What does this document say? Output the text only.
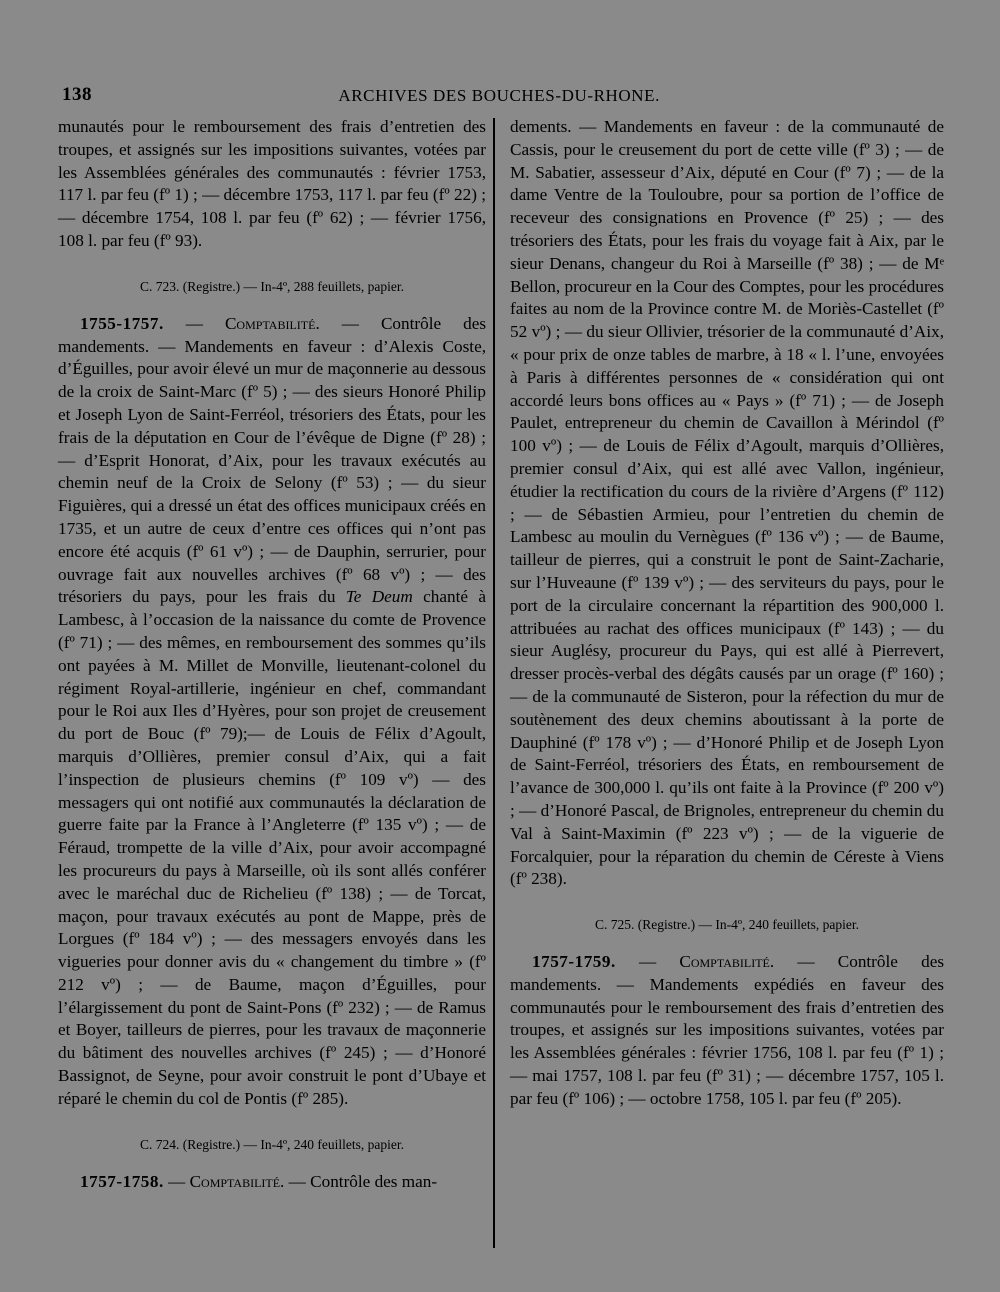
138	ARCHIVES DES BOUCHES-DU-RHONE.

munautés pour le remboursement des frais d’entretien des troupes, et assignés sur les impositions suivantes, votées par les Assemblées générales des communautés : février 1753, 117 l. par feu (fº 1) ; — décembre 1753, 117 l. par feu (fº 22) ; — décembre 1754, 108 l. par feu (fº 62) ; — février 1756, 108 l. par feu (fº 93).

C. 723. (Registre.) — In-4º, 288 feuillets, papier.

1755-1757. — Comptabilité. — Contrôle des mandements. — Mandements en faveur : d’Alexis Coste, d’Éguilles, pour avoir élevé un mur de maçonnerie au dessous de la croix de Saint-Marc (fº 5) ; — des sieurs Honoré Philip et Joseph Lyon de Saint-Ferréol, trésoriers des États, pour les frais de la députation en Cour de l’évêque de Digne (fº 28) ; — d’Esprit Honorat, d’Aix, pour les travaux exécutés au chemin neuf de la Croix de Selony (fº 53) ; — du sieur Figuières, qui a dressé un état des offices municipaux créés en 1735, et un autre de ceux d’entre ces offices qui n’ont pas encore été acquis (fº 61 vº) ; — de Dauphin, serrurier, pour ouvrage fait aux nouvelles archives (fº 68 vº) ; — des trésoriers du pays, pour les frais du Te Deum chanté à Lambesc, à l’occasion de la naissance du comte de Provence (fº 71) ; — des mêmes, en remboursement des sommes qu’ils ont payées à M. Millet de Monville, lieutenant-colonel du régiment Royal-artillerie, ingénieur en chef, commandant pour le Roi aux Iles d’Hyères, pour son projet de creusement du port de Bouc (fº 79);— de Louis de Félix d’Agoult, marquis d’Ollières, premier consul d’Aix, qui a fait l’inspection de plusieurs chemins (fº 109 vº) — des messagers qui ont notifié aux communautés la déclaration de guerre faite par la France à l’Angleterre (fº 135 vº) ; — de Féraud, trompette de la ville d’Aix, pour avoir accompagné les procureurs du pays à Marseille, où ils sont allés conférer avec le maréchal duc de Richelieu (fº 138) ; — de Torcat, maçon, pour travaux exécutés au pont de Mappe, près de Lorgues (fº 184 vº) ; — des messagers envoyés dans les vigueries pour donner avis du « changement du timbre » (fº 212 vº) ; — de Baume, maçon d’Éguilles, pour l’élargissement du pont de Saint-Pons (fº 232) ; — de Ramus et Boyer, tailleurs de pierres, pour les travaux de maçonnerie du bâtiment des nouvelles archives (fº 245) ; — d’Honoré Bassignot, de Seyne, pour avoir construit le pont d’Ubaye et réparé le chemin du col de Pontis (fº 285).

C. 724. (Registre.) — In-4º, 240 feuillets, papier.

1757-1758. — Comptabilité. — Contrôle des man-

dements. — Mandements en faveur : de la communauté de Cassis, pour le creusement du port de cette ville (fº 3) ; — de M. Sabatier, assesseur d’Aix, député en Cour (fº 7) ; — de la dame Ventre de la Touloubre, pour sa portion de l’office de receveur des consignations en Provence (fº 25) ; — des trésoriers des États, pour les frais du voyage fait à Aix, par le sieur Denans, changeur du Roi à Marseille (fº 38) ; — de Mᵉ Bellon, procureur en la Cour des Comptes, pour les procédures faites au nom de la Province contre M. de Moriès-Castellet (fº 52 vº) ; — du sieur Ollivier, trésorier de la communauté d’Aix, « pour prix de onze tables de marbre, à 18 « l. l’une, envoyées à Paris à différentes personnes de « considération qui ont accordé leurs bons offices au « Pays » (fº 71) ; — de Joseph Paulet, entrepreneur du chemin de Cavaillon à Mérindol (fº 100 vº) ; — de Louis de Félix d’Agoult, marquis d’Ollières, premier consul d’Aix, qui est allé avec Vallon, ingénieur, étudier la rectification du cours de la rivière d’Argens (fº 112) ; — de Sébastien Armieu, pour l’entretien du chemin de Lambesc au moulin du Vernègues (fº 136 vº) ; — de Baume, tailleur de pierres, qui a construit le pont de Saint-Zacharie, sur l’Huveaune (fº 139 vº) ; — des serviteurs du pays, pour le port de la circulaire concernant la répartition des 900,000 l. attribuées au rachat des offices municipaux (fº 143) ; — du sieur Auglésy, procureur du Pays, qui est allé à Pierrevert, dresser procès-verbal des dégâts causés par un orage (fº 160) ; — de la communauté de Sisteron, pour la réfection du mur de soutènement des deux chemins aboutissant à la porte de Dauphiné (fº 178 vº) ; — d’Honoré Philip et de Joseph Lyon de Saint-Ferréol, trésoriers des États, en remboursement de l’avance de 300,000 l. qu’ils ont faite à la Province (fº 200 vº) ; — d’Honoré Pascal, de Brignoles, entrepreneur du chemin du Val à Saint-Maximin (fº 223 vº) ; — de la viguerie de Forcalquier, pour la réparation du chemin de Céreste à Viens (fº 238).

C. 725. (Registre.) — In-4º, 240 feuillets, papier.

1757-1759. — Comptabilité. — Contrôle des mandements. — Mandements expédiés en faveur des communautés pour le remboursement des frais d’entretien des troupes, et assignés sur les impositions suivantes, votées par les Assemblées générales : février 1756, 108 l. par feu (fº 1) ; — mai 1757, 108 l. par feu (fº 31) ; — décembre 1757, 105 l. par feu (fº 106) ; — octobre 1758, 105 l. par feu (fº 205).
